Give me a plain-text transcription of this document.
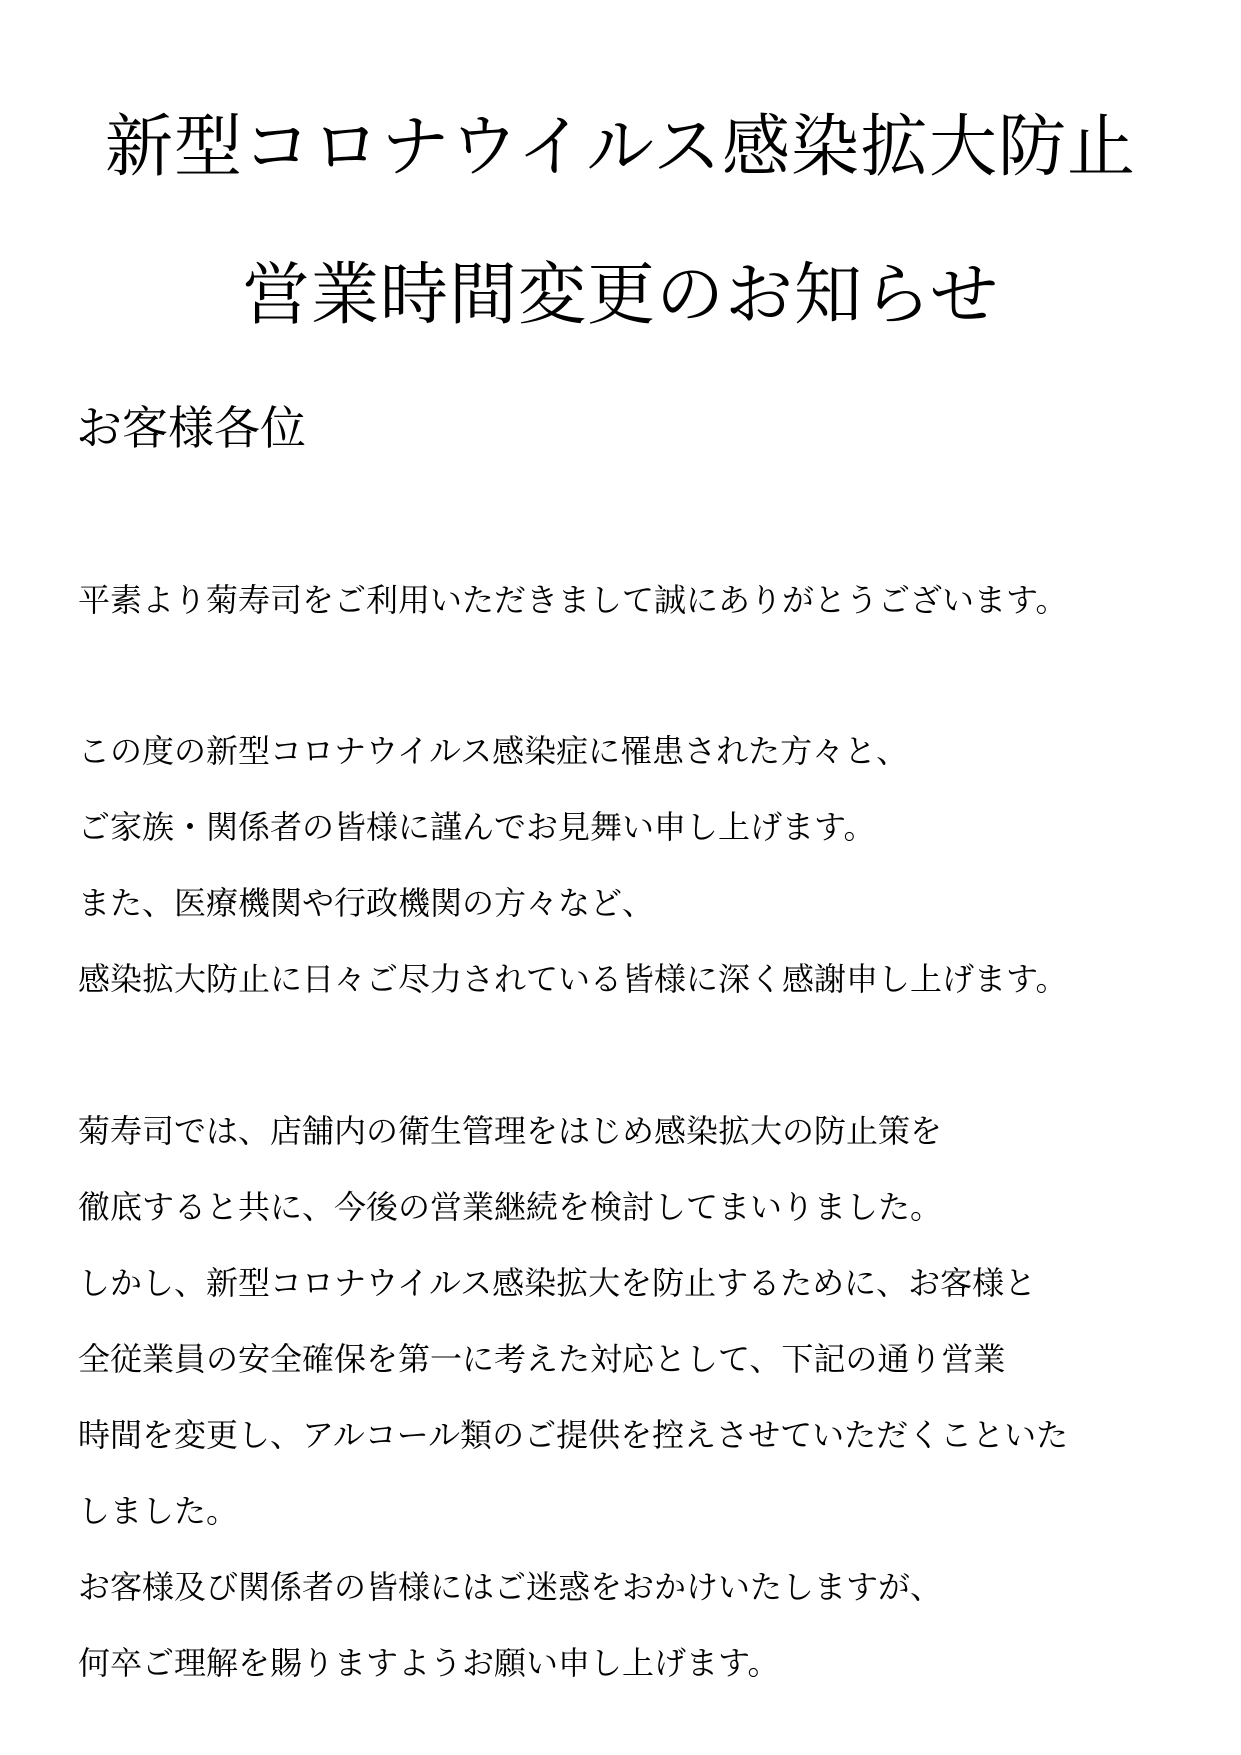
新型コロナウイルス感染拡大防止
営業時間変更のお知らせ
お客様各位
平素より菊寿司をご利用いただきまして誠にありがとうございます。
この度の新型コロナウイルス感染症に罹患された方々と、
ご家族・関係者の皆様に謹んでお見舞い申し上げます。
また、医療機関や行政機関の方々など、
感染拡大防止に日々ご尽力されている皆様に深く感謝申し上げます。
菊寿司では、店舗内の衛生管理をはじめ感染拡大の防止策を
徹底すると共に、今後の営業継続を検討してまいりました。
しかし、新型コロナウイルス感染拡大を防止するために、お客様と
全従業員の安全確保を第一に考えた対応として、下記の通り営業
時間を変更し、アルコール類のご提供を控えさせていただくこといた
しました。
お客様及び関係者の皆様にはご迷惑をおかけいたしますが、
何卒ご理解を賜りますようお願い申し上げます。
